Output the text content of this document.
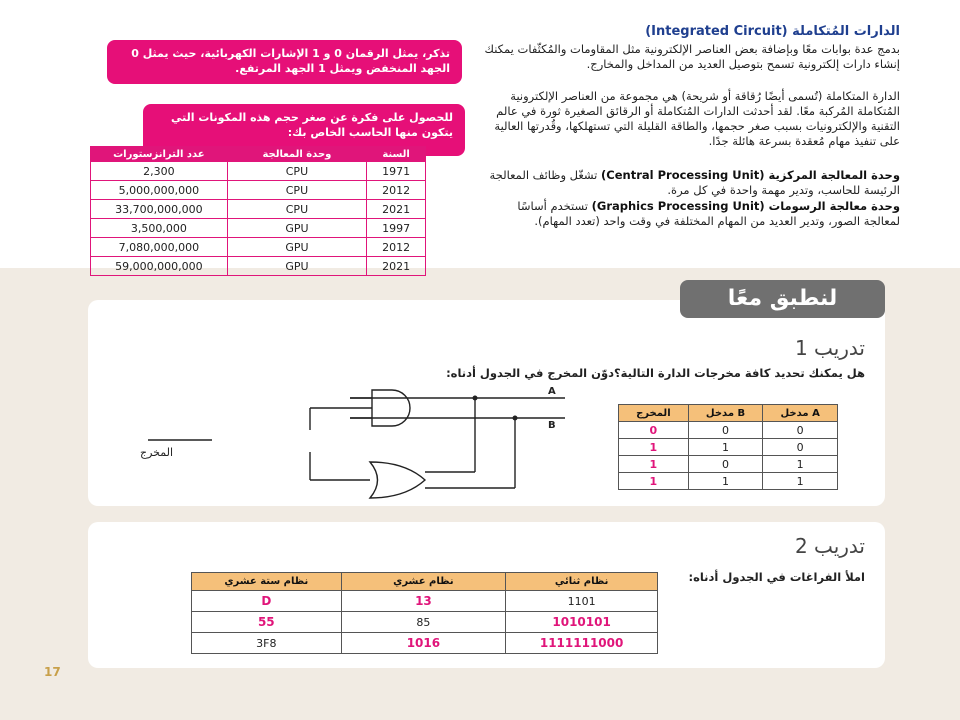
الدارات المُتكاملة (Integrated Circuit)
بدمج عدة بوابات معًا وبإضافة بعض العناصر الإلكترونية مثل المقاومات والمُكثّفات يمكنك إنشاء دارات إلكترونية تسمح بتوصيل العديد من المداخل والمخارج.
الدارة المتكاملة (تُسمى أيضًا رُقاقة أو شريحة) هي مجموعة من العناصر الإلكترونية المُتكاملة المُركبة معًا. لقد أحدثت الدارات المُتكاملة أو الرقائق الصغيرة ثورة في عالم التقنية والإلكترونيات بسبب صغر حجمها، والطاقة القليلة التي تستهلكها، وقُدرتها العالية على تنفيذ مهام مُعقدة بسرعة هائلة جدًا.
وحدة المعالجة المركزية (Central Processing Unit) تشغّل وظائف المعالجة الرئيسة للحاسب، وتدير مهمة واحدة في كل مرة.
وحدة معالجة الرسومات (Graphics Processing Unit) تستخدم أساسًا لمعالجة الصور، وتدير العديد من المهام المختلفة في وقت واحد (تعدد المهام).
تذكر، يمثل الرقمان 0 و 1 الإشارات الكهربائية، حيث يمثل 0 الجهد المنخفض ويمثل 1 الجهد المرتفع.
للحصول على فكرة عن صغر حجم هذه المكونات التي يتكون منها الحاسب الخاص بك:
عدد الترانزستورات	وحدة المعالجة	السنة
2,300	CPU	1971
5,000,000,000	CPU	2012
33,700,000,000	CPU	2021
3,500,000	GPU	1997
7,080,000,000	GPU	2012
59,000,000,000	GPU	2021
لنطبق معًا
تدريب 1
هل يمكنك تحديد كافة مخرجات الدارة التالية؟دوّن المخرج في الجدول أدناه:
A
B
المخرج
المخرج	مدخل B	مدخل A
0	0	0
1	1	0
1	0	1
1	1	1
تدريب 2
املأ الفراغات في الجدول أدناه:
نظام ستة عشري	نظام عشري	نظام ثنائي
D	13	1101
55	85	1010101
3F8	1016	1111111000
17
